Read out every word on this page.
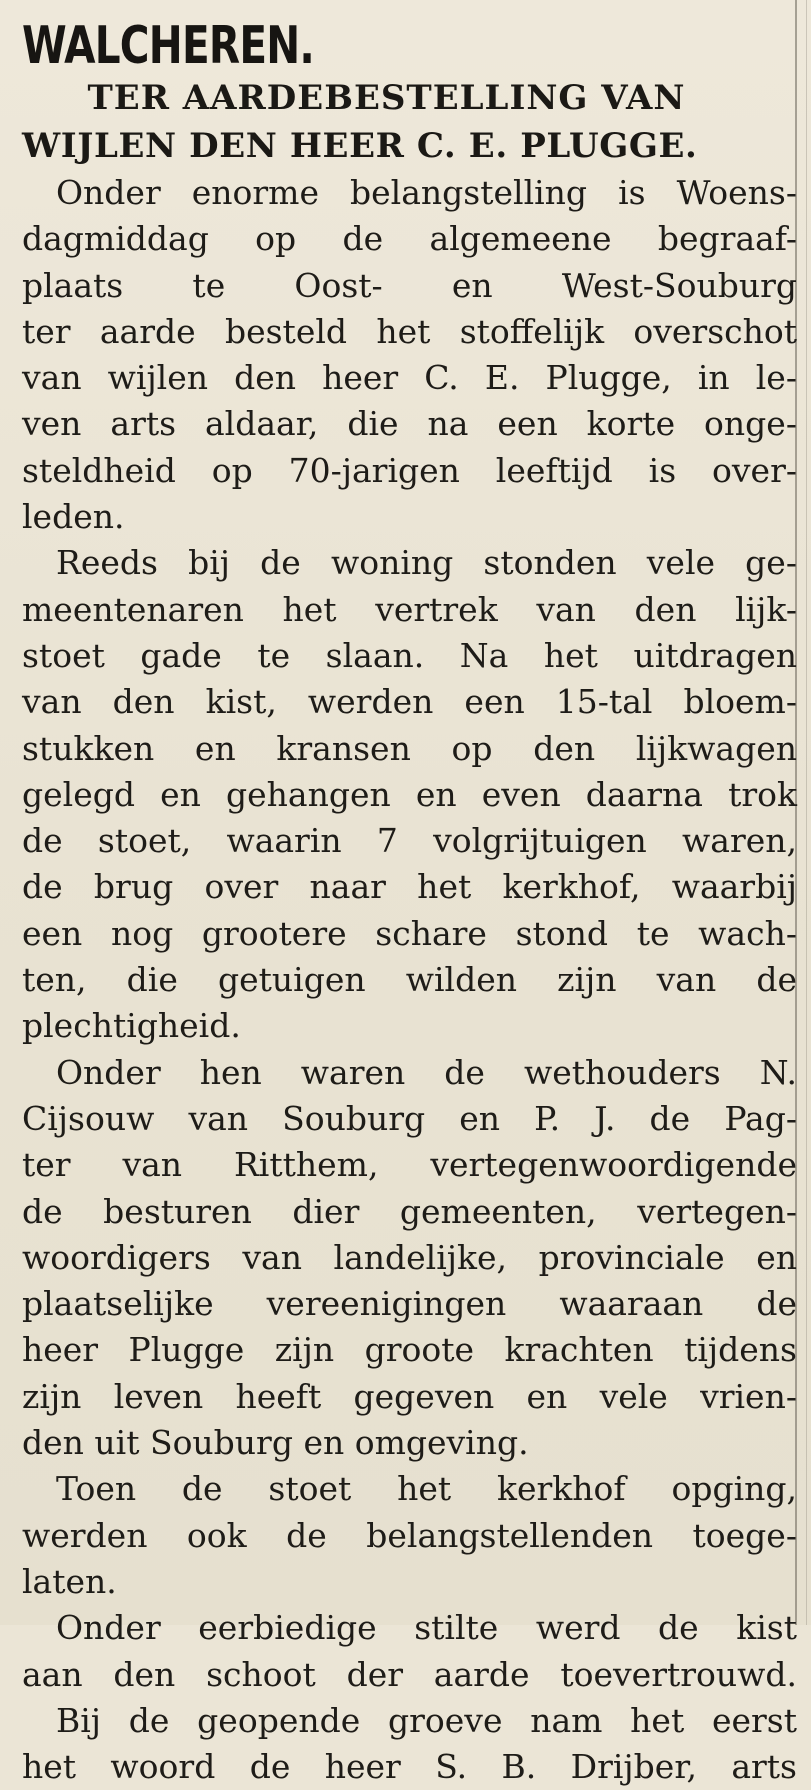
WALCHEREN.
TER AARDEBESTELLING VAN
WIJLEN DEN HEER C. E. PLUGGE.
Onder enorme belangstelling is Woens-
dagmiddag op de algemeene begraaf-
plaats te Oost- en West-Souburg
ter aarde besteld het stoffelijk overschot
van wijlen den heer C. E. Plugge, in le-
ven arts aldaar, die na een korte onge-
steldheid op 70-jarigen leeftijd is over-
leden.
Reeds bij de woning stonden vele ge-
meentenaren het vertrek van den lijk-
stoet gade te slaan. Na het uitdragen
van den kist, werden een 15-tal bloem-
stukken en kransen op den lijkwagen
gelegd en gehangen en even daarna trok
de stoet, waarin 7 volgrijtuigen waren,
de brug over naar het kerkhof, waarbij
een nog grootere schare stond te wach-
ten, die getuigen wilden zijn van de
plechtigheid.
Onder hen waren de wethouders N.
Cijsouw van Souburg en P. J. de Pag-
ter van Ritthem, vertegenwoordigende
de besturen dier gemeenten, vertegen-
woordigers van landelijke, provinciale en
plaatselijke vereenigingen waaraan de
heer Plugge zijn groote krachten tijdens
zijn leven heeft gegeven en vele vrien-
den uit Souburg en omgeving.
Toen de stoet het kerkhof opging,
werden ook de belangstellenden toege-
laten.
Onder eerbiedige stilte werd de kist
aan den schoot der aarde toevertrouwd.
Bij de geopende groeve nam het eerst
het woord de heer S. B. Drijber, arts
